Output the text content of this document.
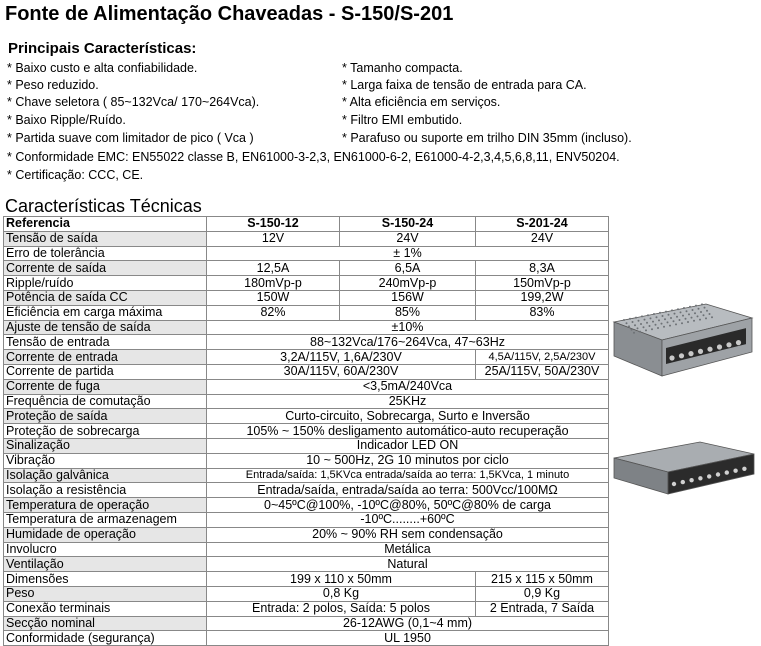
Fonte de Alimentação Chaveadas - S-150/S-201
Principais Características:
* Baixo custo e alta confiabilidade.
* Peso reduzido.
* Chave seletora ( 85~132Vca/ 170~264Vca).
* Baixo Ripple/Ruído.
* Partida suave com limitador de pico ( Vca )
* Tamanho compacta.
* Larga faixa de tensão de entrada para CA.
* Alta eficiência em serviços.
* Filtro EMI embutido.
* Parafuso ou suporte em trilho DIN 35mm (incluso).
* Conformidade EMC: EN55022 classe B, EN61000-3-2,3, EN61000-6-2, E61000-4-2,3,4,5,6,8,11, ENV50204.
* Certificação: CCC, CE.
Características Técnicas
Referencia	S-150-12	S-150-24	S-201-24
Tensão de saída	12V	24V	24V
Erro de tolerância	± 1%		
Corrente de saída	12,5A	6,5A	8,3A
Ripple/ruído	180mVp-p	240mVp-p	150mVp-p
Potência de saída CC	150W	156W	199,2W
Eficiência em carga máxima	82%	85%	83%
Ajuste de tensão de saída	±10%		
Tensão de entrada	88~132Vca/176~264Vca, 47~63Hz		
Corrente de entrada	3,2A/115V, 1,6A/230V		4,5A/115V, 2,5A/230V
Corrente de partida	30A/115V, 60A/230V		25A/115V, 50A/230V
Corrente de fuga	<3,5mA/240Vca		
Frequência de comutação	25KHz		
Proteção de saída	Curto-circuito, Sobrecarga, Surto e Inversão		
Proteção de sobrecarga	105% ~ 150% desligamento automático-auto recuperação		
Sinalização	Indicador LED ON		
Vibração	10 ~ 500Hz, 2G 10 minutos por ciclo		
Isolação galvânica	Entrada/saída: 1,5KVca entrada/saída ao terra: 1,5KVca, 1 minuto		
Isolação a resistência	Entrada/saída, entrada/saída ao terra: 500Vcc/100MΩ		
Temperatura de operação	0~45ºC@100%, -10ºC@80%, 50ºC@80% de carga		
Temperatura de armazenagem	-10ºC........+60ºC		
Humidade de operação	20% ~ 90% RH sem condensação		
Involucro	Metálica		
Ventilação	Natural		
Dimensões	199 x 110 x 50mm		215 x 115 x 50mm
Peso	0,8 Kg		0,9 Kg
Conexão terminais	Entrada: 2 polos, Saída: 5 polos		2 Entrada, 7 Saída
Secção nominal	26-12AWG (0,1~4 mm)		
Conformidade (segurança)	UL 1950		
